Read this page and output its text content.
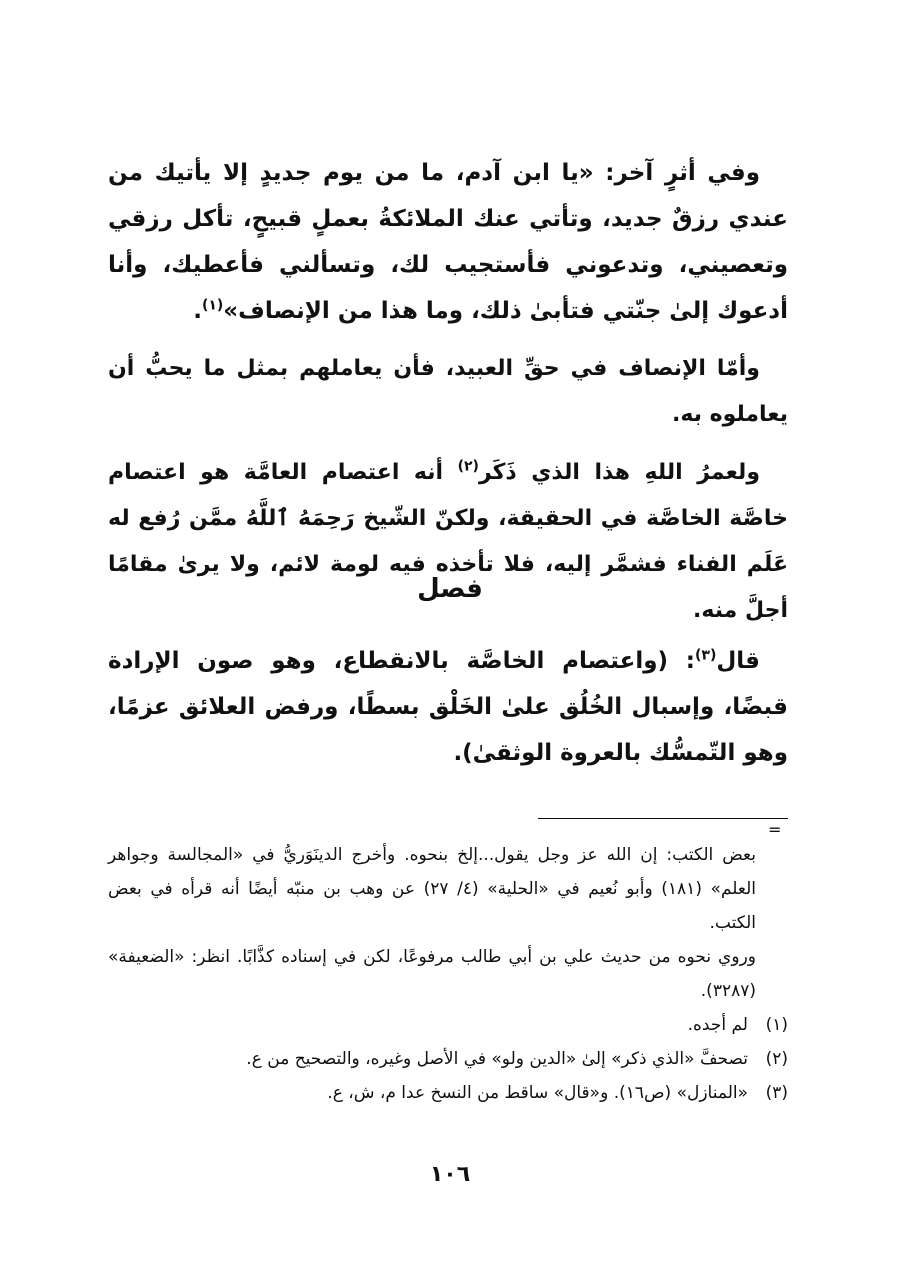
وفي أثرٍ آخر: «يا ابن آدم، ما من يوم جديدٍ إلا يأتيك من عندي رزقٌ جديد، وتأتي عنك الملائكةُ بعملٍ قبيحٍ، تأكل رزقي وتعصيني، وتدعوني فأستجيب لك، وتسألني فأعطيك، وأنا أدعوك إلىٰ جنّتي فتأبىٰ ذلك، وما هذا من الإنصاف»$^{(١)}$.

وأمّا الإنصاف في حقِّ العبيد، فأن يعاملهم بمثل ما يحبُّ أن يعاملوه به.

ولعمرُ اللهِ هذا الذي ذَكَر$^{(٢)}$ أنه اعتصام العامَّة هو اعتصام خاصَّة الخاصَّة في الحقيقة، ولكنّ الشّيخ رَحِمَهُ ٱللَّهُ ممَّن رُفع له عَلَم الفناء فشمَّر إليه، فلا تأخذه فيه لومة لائم، ولا يرىٰ مقامًا أجلَّ منه.

فصل

قال$^{(٣)}$: (واعتصام الخاصَّة بالانقطاع، وهو صون الإرادة قبضًا، وإسبال الخُلُق علىٰ الخَلْق بسطًا، ورفض العلائق عزمًا، وهو التّمسُّك بالعروة الوثقىٰ).

=

بعض الكتب: إن الله عز وجل يقول...إلخ بنحوه. وأخرج الدينَوَريُّ في «المجالسة وجواهر العلم» (١٨١) وأبو نُعيم في «الحلية» (٤/ ٢٧) عن وهب بن منبّه أيضًا أنه قرأه في بعض الكتب.

وروي نحوه من حديث علي بن أبي طالب مرفوعًا، لكن في إسناده كذَّابًا. انظر: «الضعيفة» (٣٢٨٧).

(١)
لم أجده.
(٢)
تصحفَّ «الذي ذكر» إلىٰ «الدين ولو» في الأصل وغيره، والتصحيح من ع.
(٣)
«المنازل» (ص١٦). و«قال» ساقط من النسخ عدا م، ش، ع.
١٠٦
